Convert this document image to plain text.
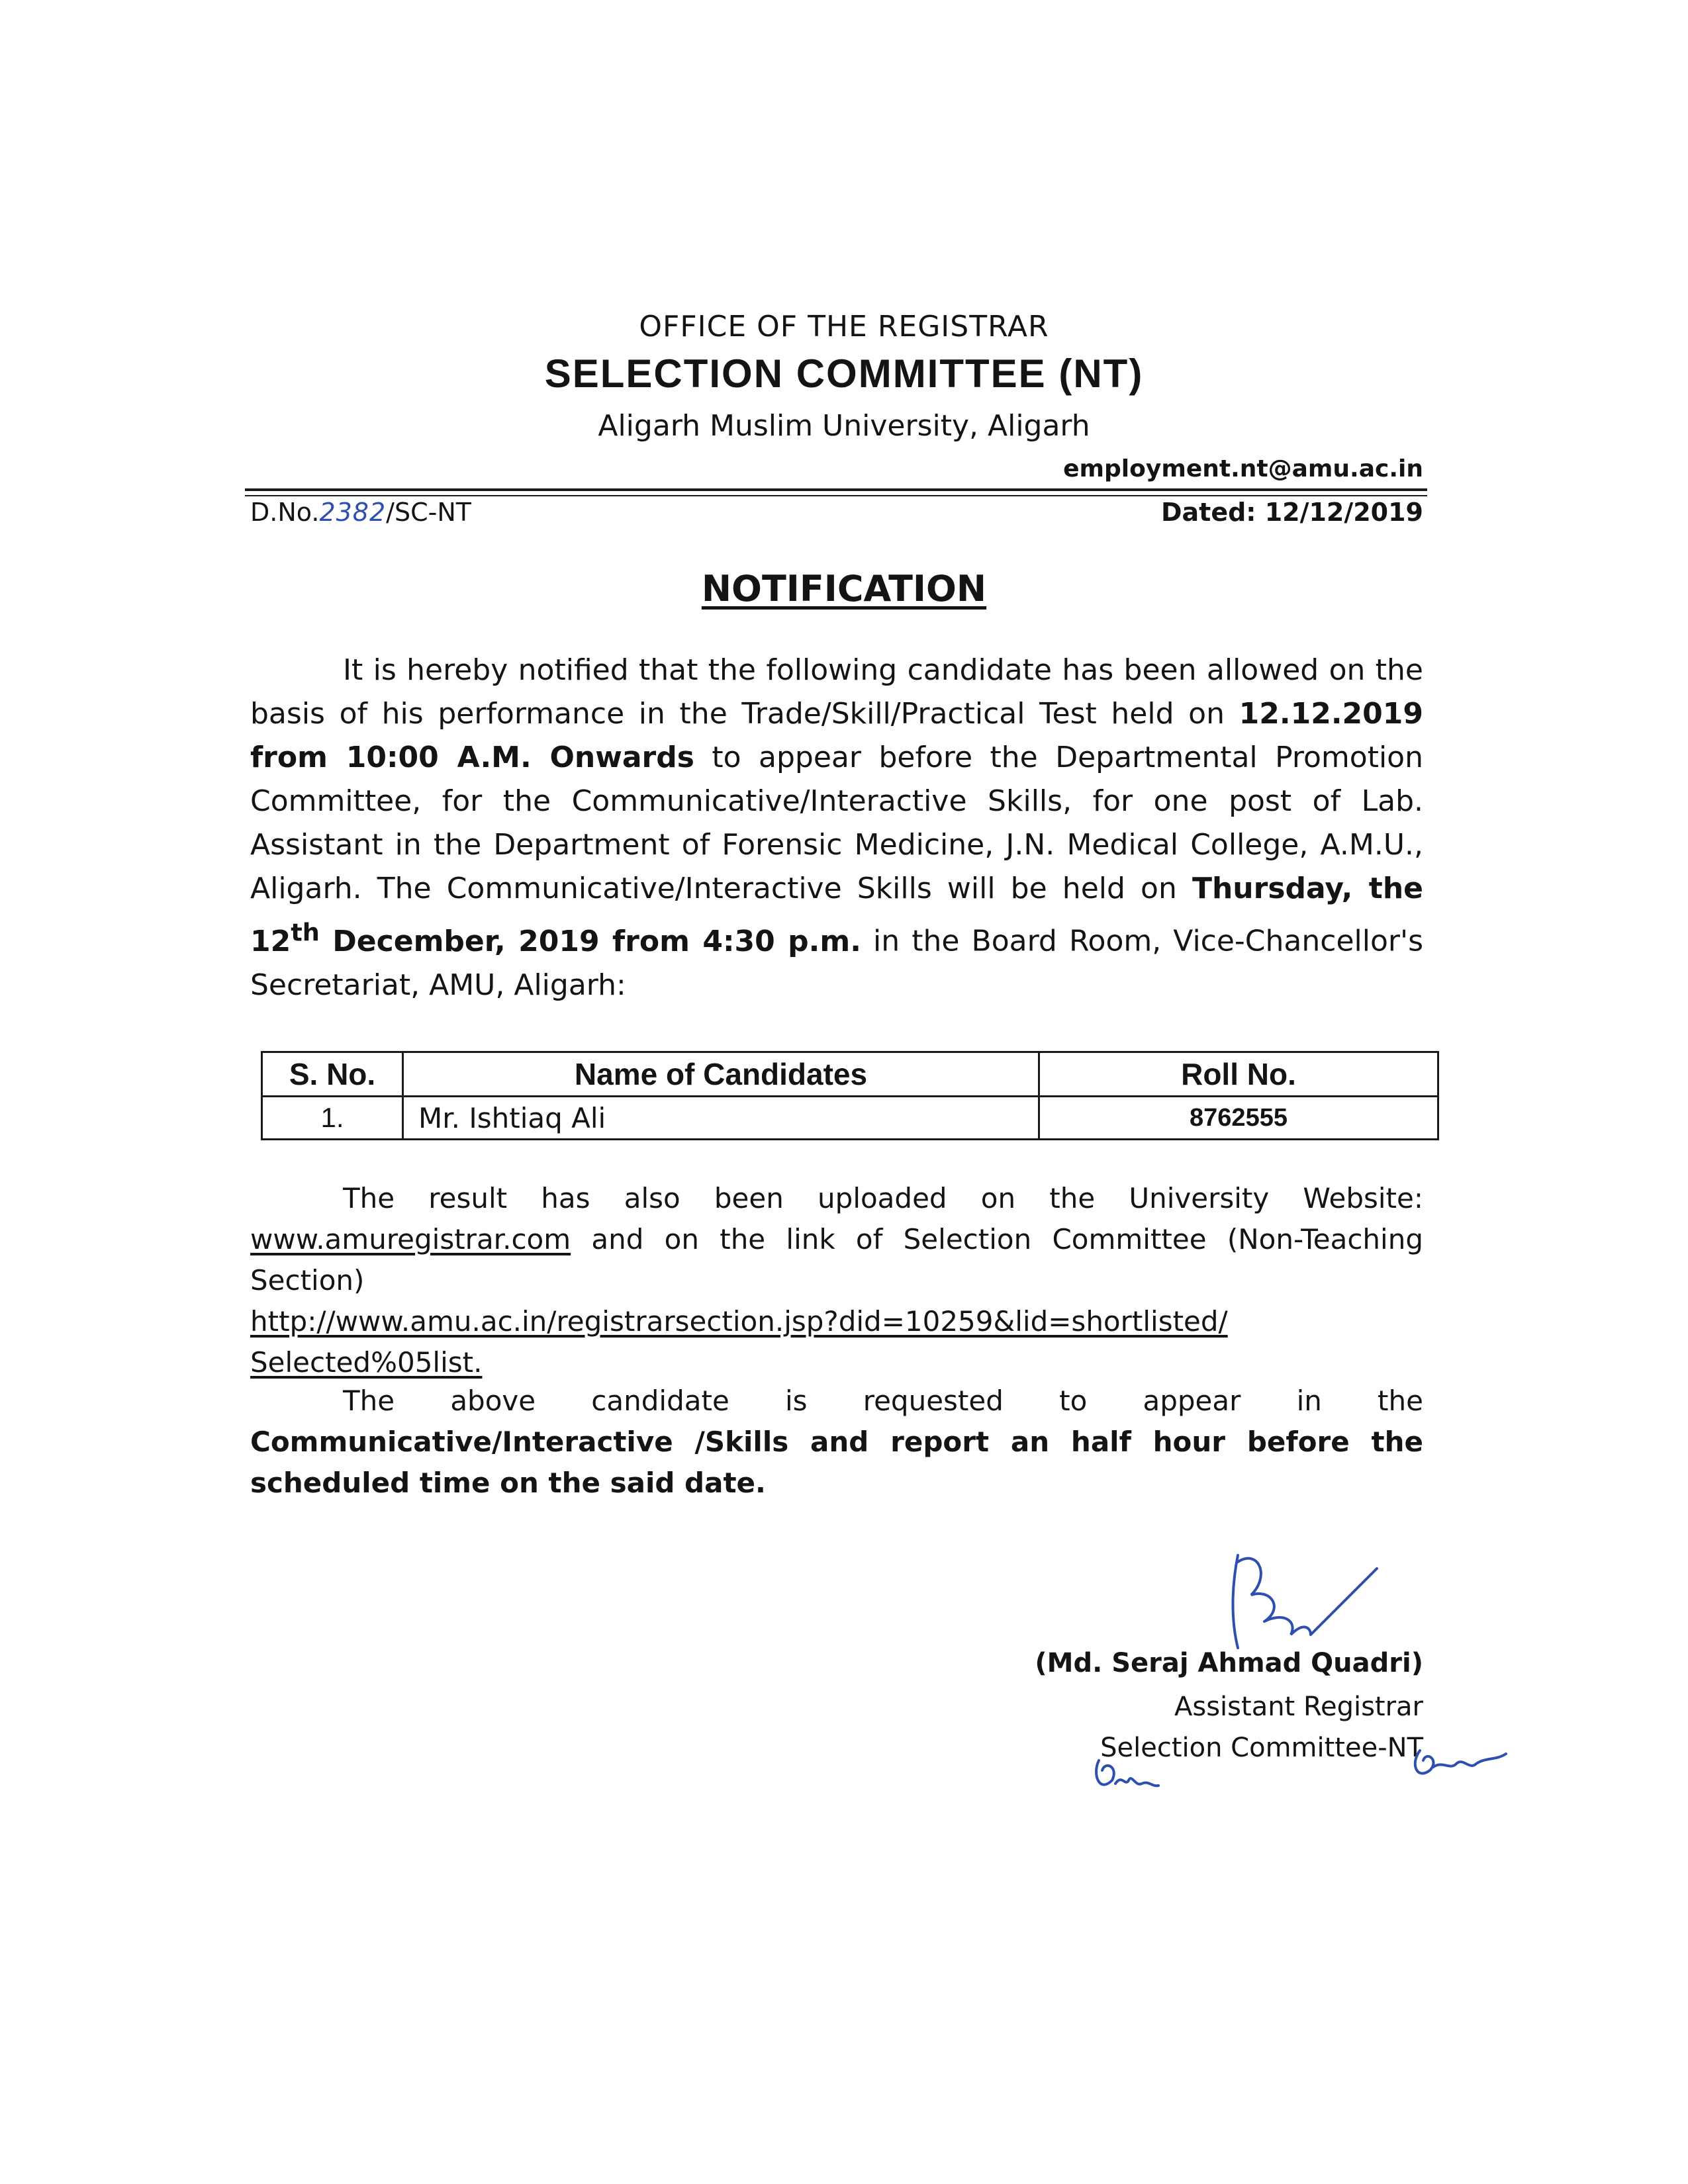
OFFICE OF THE REGISTRAR
SELECTION COMMITTEE (NT)
Aligarh Muslim University, Aligarh
employment.nt@amu.ac.in
D.No.2382/SC-NT	Dated: 12/12/2019
NOTIFICATION

It is hereby notified that the following candidate has been allowed on the basis of his performance in the Trade/Skill/Practical Test held on 12.12.2019 from 10:00 A.M. Onwards to appear before the Departmental Promotion Committee, for the Communicative/Interactive Skills, for one post of Lab. Assistant in the Department of Forensic Medicine, J.N. Medical College, A.M.U., Aligarh. The Communicative/Interactive Skills will be held on Thursday, the 12th December, 2019 from 4:30 p.m. in the Board Room, Vice-Chancellor's Secretariat, AMU, Aligarh:

S. No.	Name of Candidates	Roll No.
1.	Mr. Ishtiaq Ali	8762555

The result has also been uploaded on the University Website: www.amuregistrar.com and on the link of Selection Committee (Non-Teaching Section)

http://www.amu.ac.in/registrarsection.jsp?did=10259&lid=shortlisted/
Selected%05list.

The above candidate is requested to appear in the Communicative/Interactive /Skills and report an half hour before the scheduled time on the said date.

(Md. Seraj Ahmad Quadri)
Assistant Registrar
Selection Committee-NT
